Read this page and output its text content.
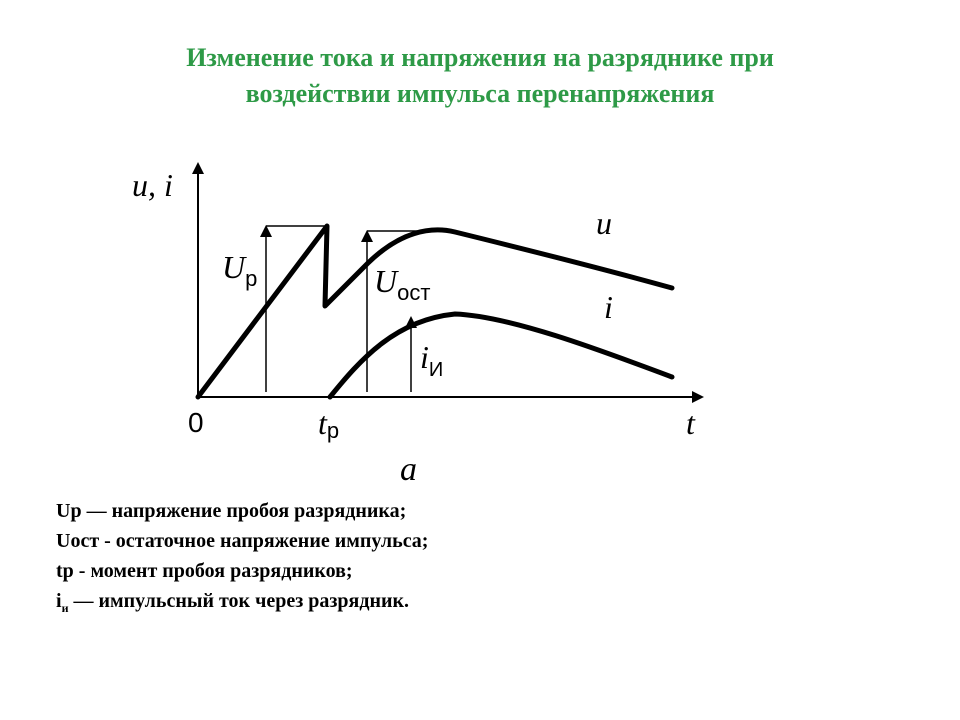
Изменение тока и напряжения на разряднике при
воздействии импульса перенапряжения
u, i
t
0	tр
Uр	Uост
iИ
u
i
а
Uр — напряжение пробоя разрядника;
Uост - остаточное напряжение импульса;
tр - момент пробоя разрядников;
$i_и$ — импульсный ток через разрядник.
